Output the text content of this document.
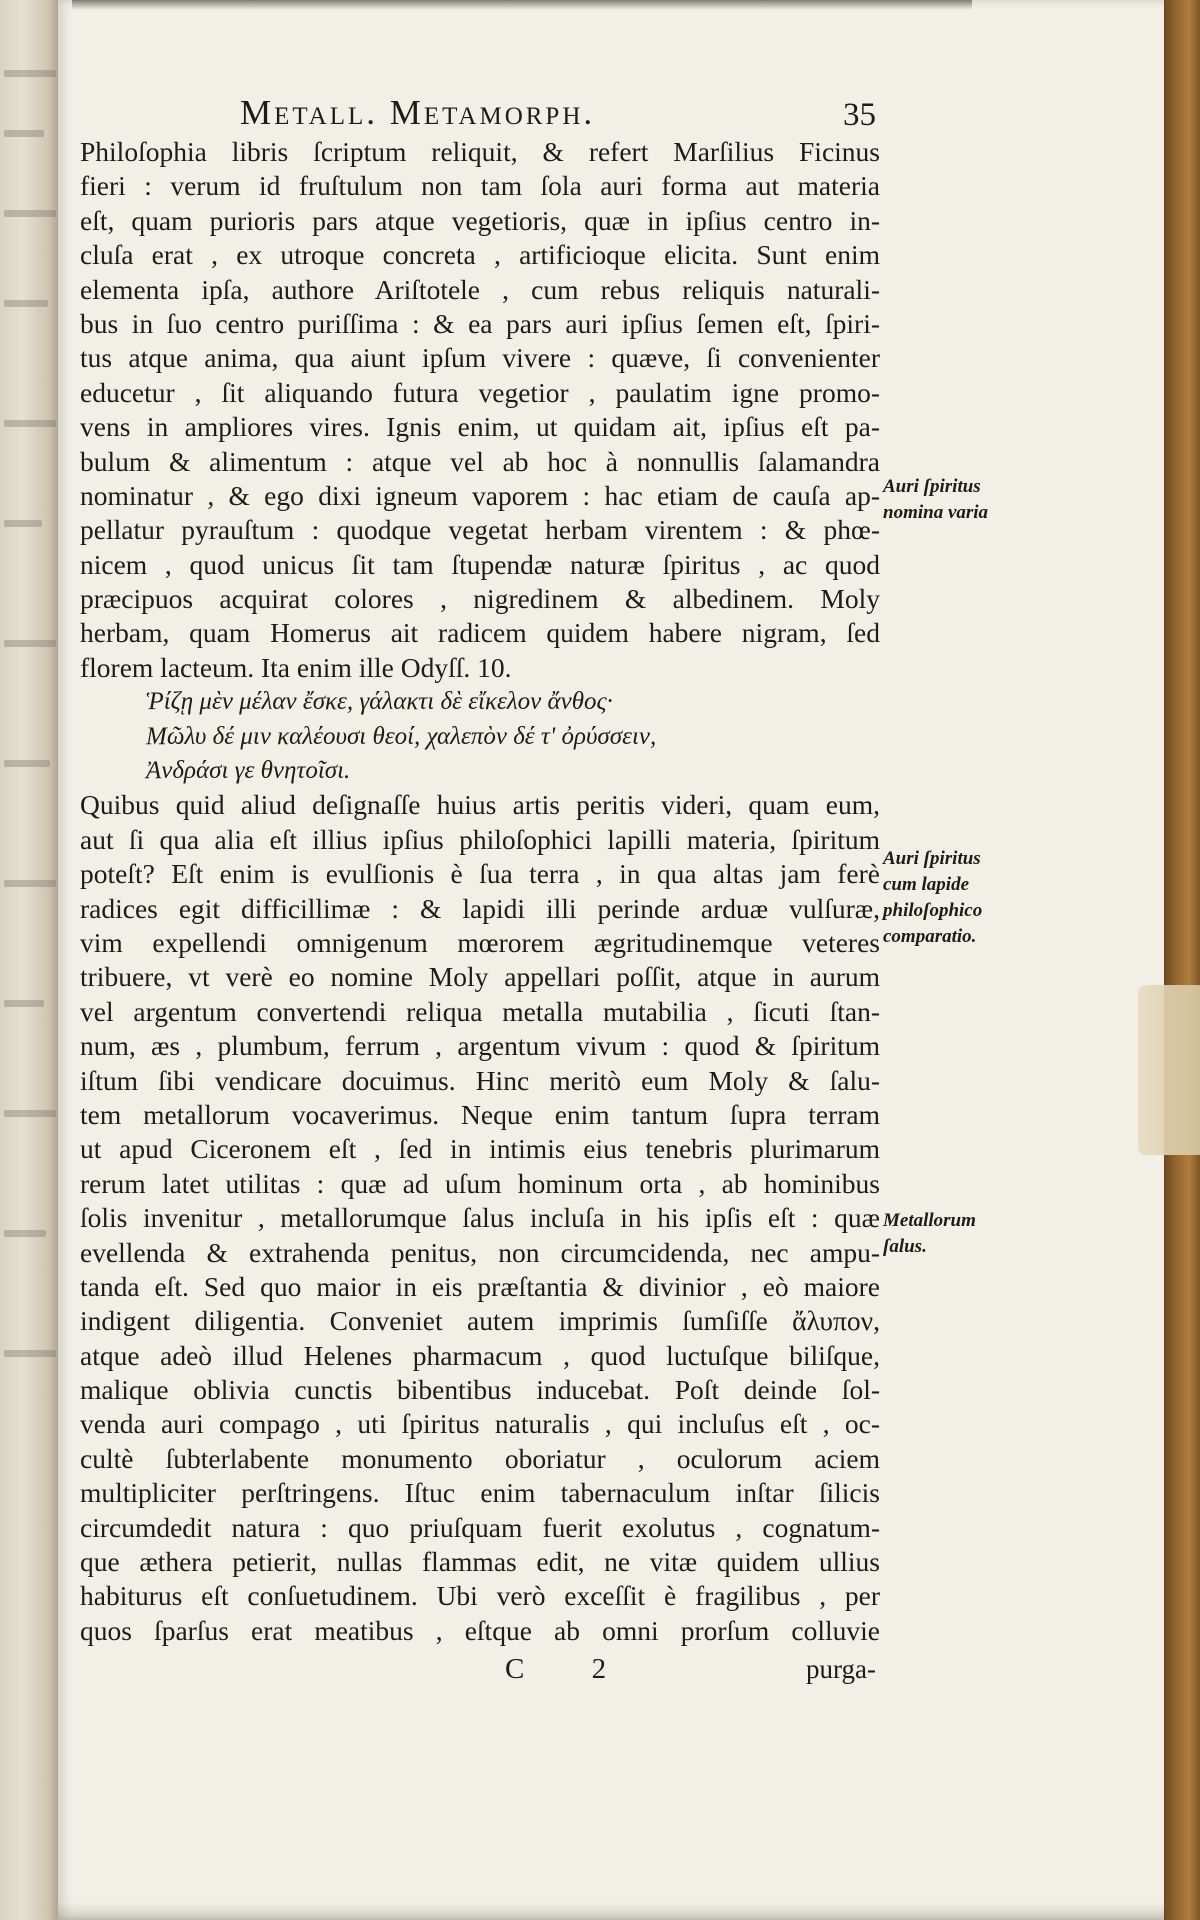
Metall. Metamorph.	35
Philoſophia libris ſcriptum reliquit, & refert Marſilius Ficinus
fieri : verum id fruſtulum non tam ſola auri forma aut materia
eſt, quam purioris pars atque vegetioris, quæ in ipſius centro in-
cluſa erat , ex utroque concreta , artificioque elicita. Sunt enim
elementa ipſa, authore Ariſtotele , cum rebus reliquis naturali-
bus in ſuo centro puriſſima : & ea pars auri ipſius ſemen eſt, ſpiri-
tus atque anima, qua aiunt ipſum vivere : quæve, ſi convenienter
educetur , ſit aliquando futura vegetior , paulatim igne promo-
vens in ampliores vires. Ignis enim, ut quidam ait, ipſius eſt pa-
bulum & alimentum : atque vel ab hoc à nonnullis ſalamandra
nominatur , & ego dixi igneum vaporem : hac etiam de cauſa ap-
pellatur pyrauſtum : quodque vegetat herbam virentem : & phœ-
nicem , quod unicus ſit tam ſtupendæ naturæ ſpiritus , ac quod
præcipuos acquirat colores , nigredinem & albedinem. Moly
herbam, quam Homerus ait radicem quidem habere nigram, ſed
florem lacteum. Ita enim ille Odyſſ. 10.
Ῥίζῃ μὲν μέλαν ἔσκε, γάλακτι δὲ εἴκελον ἄνθος·
Μῶλυ δέ μιν καλέουσι θεοί, χαλεπὸν δέ τ' ὀρύσσειν,
Ἀνδράσι γε θνητοῖσι.
Quibus quid aliud deſignaſſe huius artis peritis videri, quam eum,
aut ſi qua alia eſt illius ipſius philoſophici lapilli materia, ſpiritum
poteſt? Eſt enim is evulſionis è ſua terra , in qua altas jam ferè
radices egit difficillimæ : & lapidi illi perinde arduæ vulſuræ,
vim expellendi omnigenum mœrorem ægritudinemque veteres
tribuere, vt verè eo nomine Moly appellari poſſit, atque in aurum
vel argentum convertendi reliqua metalla mutabilia , ſicuti ſtan-
num, æs , plumbum, ferrum , argentum vivum : quod & ſpiritum
iſtum ſibi vendicare docuimus. Hinc meritò eum Moly & ſalu-
tem metallorum vocaverimus. Neque enim tantum ſupra terram
ut apud Ciceronem eſt , ſed in intimis eius tenebris plurimarum
rerum latet utilitas : quæ ad uſum hominum orta , ab hominibus
ſolis invenitur , metallorumque ſalus incluſa in his ipſis eſt : quæ
evellenda & extrahenda penitus, non circumcidenda, nec ampu-
tanda eſt. Sed quo maior in eis præſtantia & divinior , eò maiore
indigent diligentia. Conveniet autem imprimis ſumſiſſe ἄλυπον,
atque adeò illud Helenes pharmacum , quod luctuſque biliſque,
malique oblivia cunctis bibentibus inducebat. Poſt deinde ſol-
venda auri compago , uti ſpiritus naturalis , qui incluſus eſt , oc-
cultè ſubterlabente monumento oboriatur , oculorum aciem
multipliciter perſtringens. Iſtuc enim tabernaculum inſtar ſilicis
circumdedit natura : quo priuſquam fuerit exolutus , cognatum-
que æthera petierit, nullas flammas edit, ne vitæ quidem ullius
habiturus eſt conſuetudinem. Ubi verò exceſſit è fragilibus , per
quos ſparſus erat meatibus , eſtque ab omni prorſum colluvie
Auri ſpiritus
nomina varia
Auri ſpiritus
cum lapide
philoſophico
comparatio.
Metallorum
ſalus.
C 2	purga-
